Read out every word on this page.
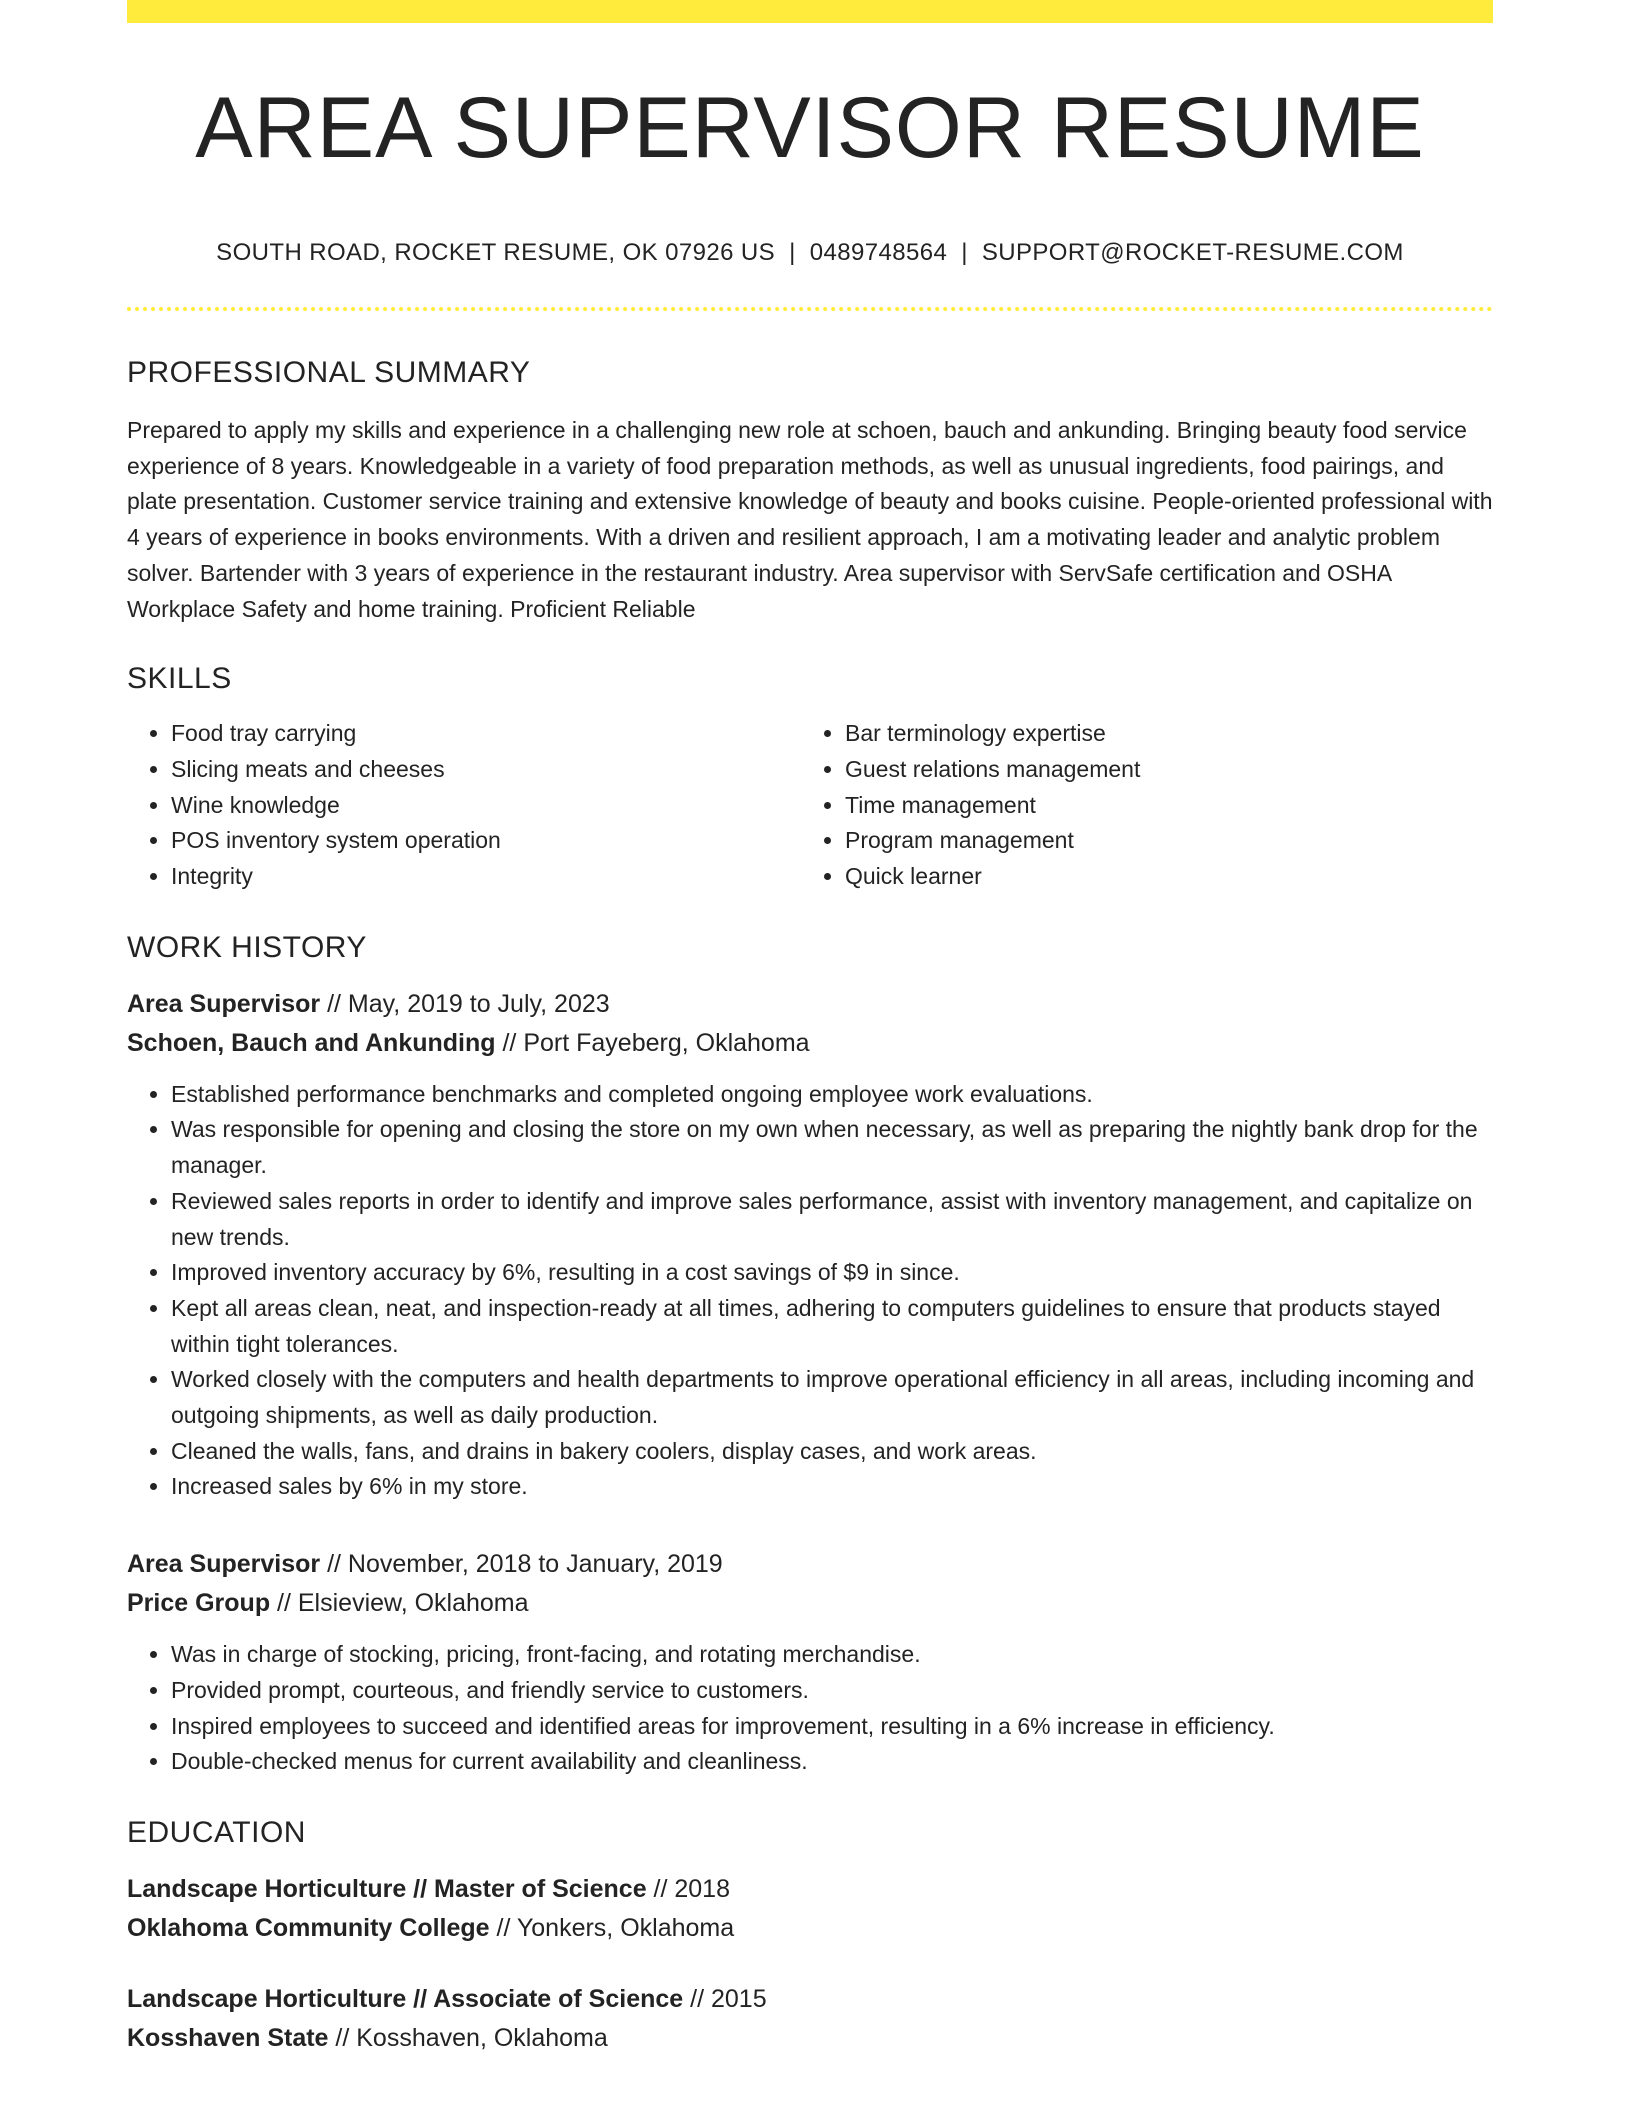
AREA SUPERVISOR RESUME
SOUTH ROAD, ROCKET RESUME, OK 07926 US | 0489748564 | SUPPORT@ROCKET-RESUME.COM
PROFESSIONAL SUMMARY
Prepared to apply my skills and experience in a challenging new role at schoen, bauch and ankunding. Bringing beauty food service experience of 8 years. Knowledgeable in a variety of food preparation methods, as well as unusual ingredients, food pairings, and plate presentation. Customer service training and extensive knowledge of beauty and books cuisine. People-oriented professional with 4 years of experience in books environments. With a driven and resilient approach, I am a motivating leader and analytic problem solver. Bartender with 3 years of experience in the restaurant industry. Area supervisor with ServSafe certification and OSHA Workplace Safety and home training. Proficient Reliable
SKILLS
• Food tray carrying
• Slicing meats and cheeses
• Wine knowledge
• POS inventory system operation
• Integrity
• Bar terminology expertise
• Guest relations management
• Time management
• Program management
• Quick learner
WORK HISTORY
Area Supervisor // May, 2019 to July, 2023
Schoen, Bauch and Ankunding // Port Fayeberg, Oklahoma
• Established performance benchmarks and completed ongoing employee work evaluations.
• Was responsible for opening and closing the store on my own when necessary, as well as preparing the nightly bank drop for the manager.
• Reviewed sales reports in order to identify and improve sales performance, assist with inventory management, and capitalize on new trends.
• Improved inventory accuracy by 6%, resulting in a cost savings of $9 in since.
• Kept all areas clean, neat, and inspection-ready at all times, adhering to computers guidelines to ensure that products stayed within tight tolerances.
• Worked closely with the computers and health departments to improve operational efficiency in all areas, including incoming and outgoing shipments, as well as daily production.
• Cleaned the walls, fans, and drains in bakery coolers, display cases, and work areas.
• Increased sales by 6% in my store.
Area Supervisor // November, 2018 to January, 2019
Price Group // Elsieview, Oklahoma
• Was in charge of stocking, pricing, front-facing, and rotating merchandise.
• Provided prompt, courteous, and friendly service to customers.
• Inspired employees to succeed and identified areas for improvement, resulting in a 6% increase in efficiency.
• Double-checked menus for current availability and cleanliness.
EDUCATION
Landscape Horticulture // Master of Science // 2018
Oklahoma Community College // Yonkers, Oklahoma
Landscape Horticulture // Associate of Science // 2015
Kosshaven State // Kosshaven, Oklahoma
